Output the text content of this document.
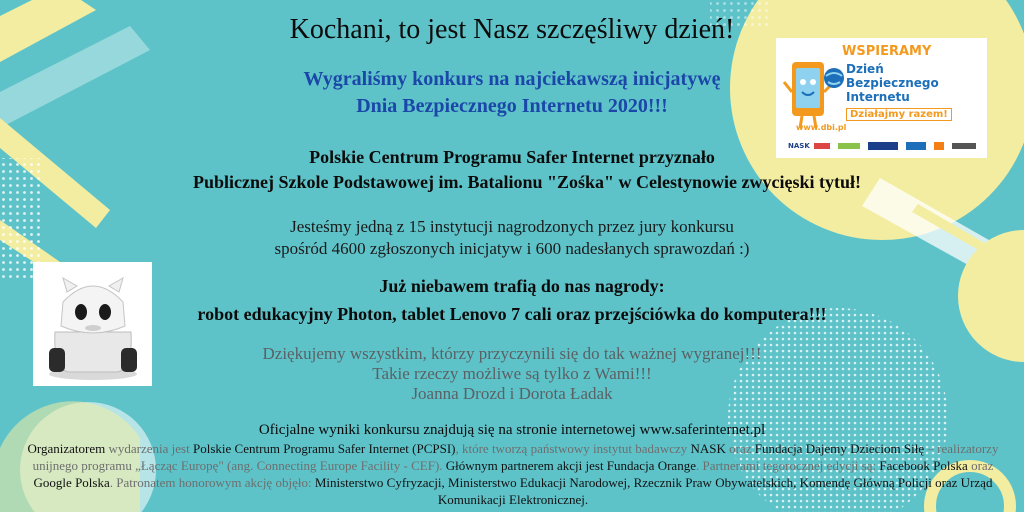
Kochani, to jest Nasz szczęśliwy dzień!
Wygraliśmy konkurs na najciekawszą inicjatywę
Dnia Bezpiecznego Internetu 2020!!!
Polskie Centrum Programu Safer Internet przyznało
Publicznej Szkole Podstawowej im. Batalionu "Zośka" w Celestynowie zwycięski tytuł!
Jesteśmy jedną z 15 instytucji nagrodzonych przez jury konkursu
spośród 4600 zgłoszonych inicjatyw i 600 nadesłanych sprawozdań :)
Już niebawem trafią do nas nagrody:
robot edukacyjny Photon, tablet Lenovo 7 cali oraz przejściówka do komputera!!!
Dziękujemy wszystkim, którzy przyczynili się do tak ważnej wygranej!!!
Takie rzeczy możliwe są tylko z Wami!!!
Joanna Drozd i Dorota Ładak
Oficjalne wyniki konkursu znajdują się na stronie internetowej www.saferinternet.pl
Organizatorem wydarzenia jest Polskie Centrum Programu Safer Internet (PCPSI), które tworzą państwowy instytut badawczy NASK oraz Fundacja Dajemy Dzieciom Siłę – realizatorzy unijnego programu „Łącząc Europę" (ang. Connecting Europe Facility - CEF). Głównym partnerem akcji jest Fundacja Orange. Partnerami tegorocznej edycji są: Facebook Polska oraz Google Polska. Patronatem honorowym akcję objęło: Ministerstwo Cyfryzacji, Ministerstwo Edukacji Narodowej, Rzecznik Praw Obywatelskich, Komendę Główną Policji oraz Urząd Komunikacji Elektronicznej.
WSPIERAMY
Dzień
Bezpiecznego
Internetu
Działajmy razem!
www.dbi.pl
NASK
